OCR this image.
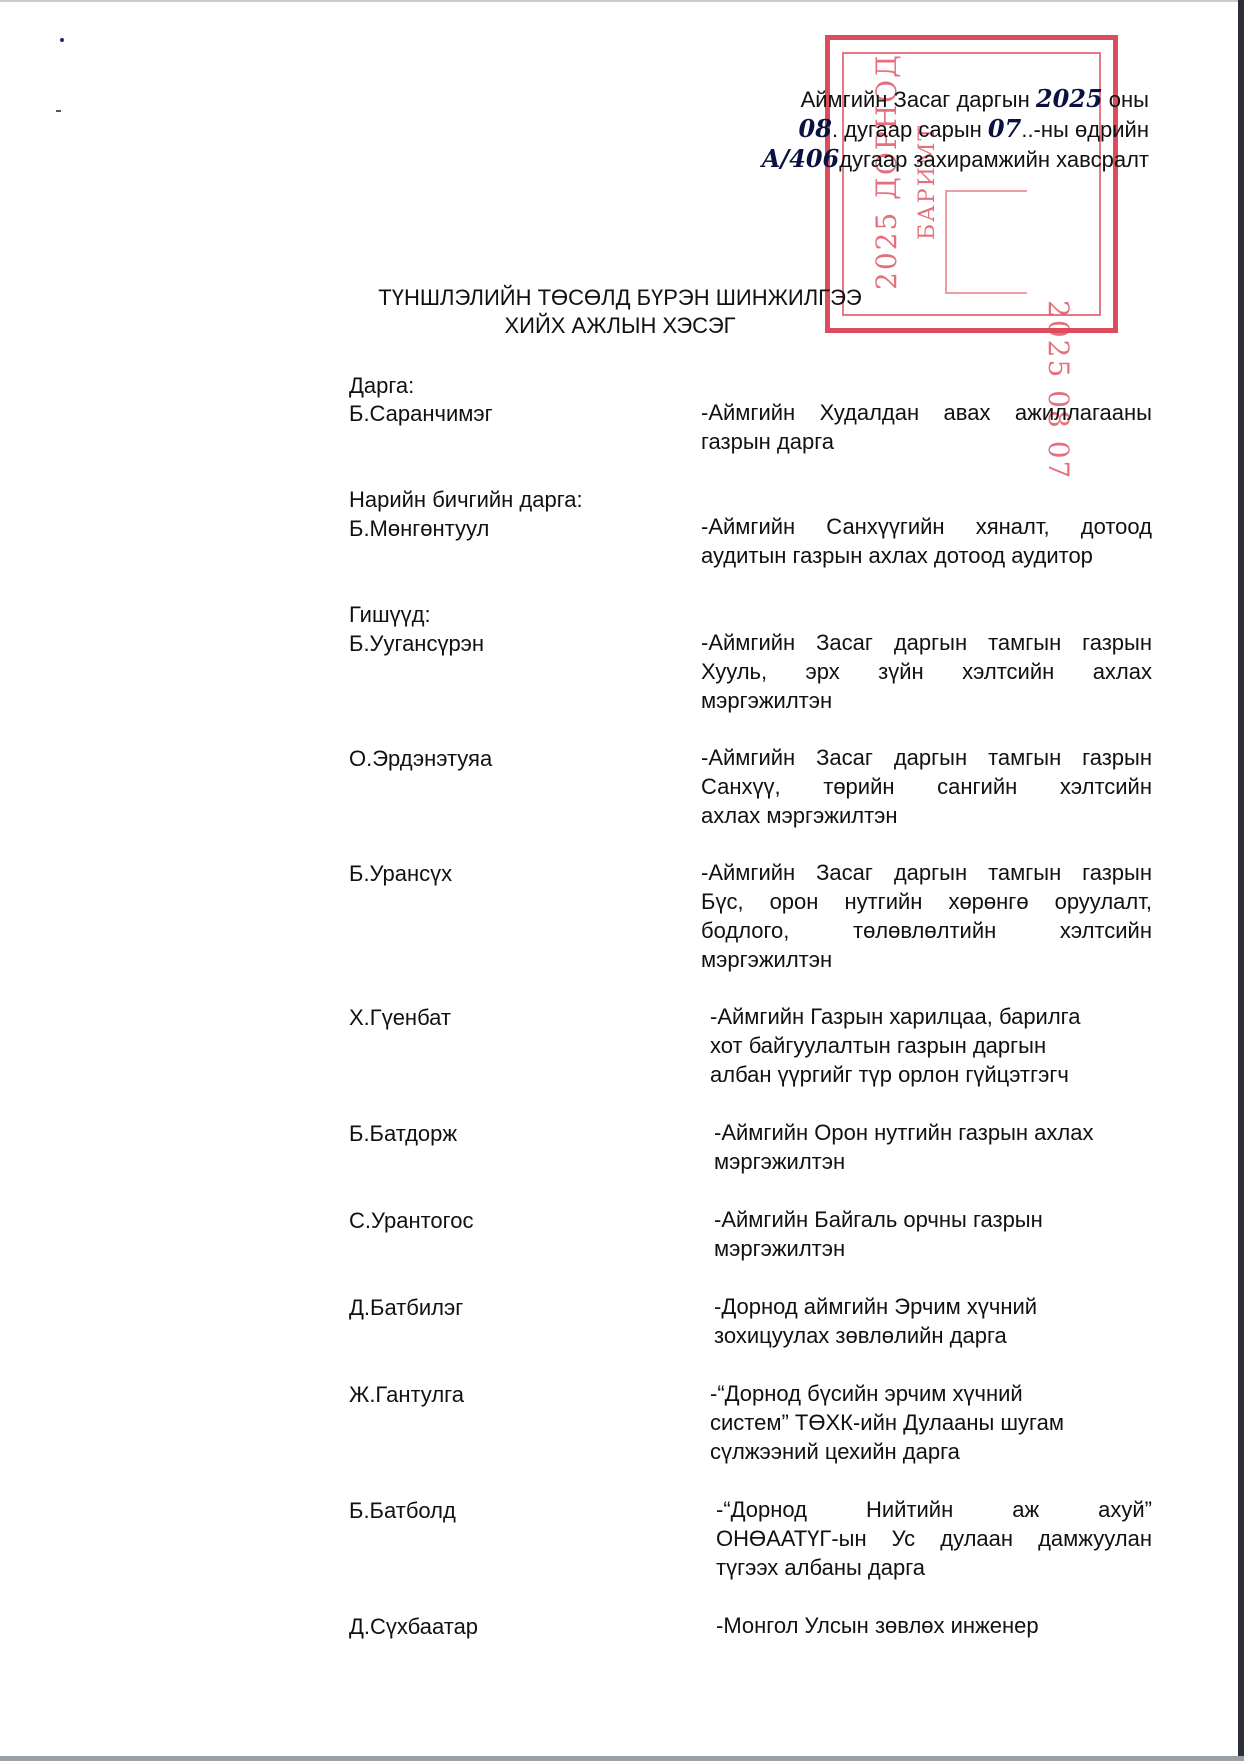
2025 ДОРНОД
2025 08 07
БАРИМТ
Аймгийн Засаг даргын 2025 оны
08. дугаар сарын 07..-ны өдрийн
A/406дугаар захирамжийн хавсралт
ТҮНШЛЭЛИЙН ТӨСӨЛД БҮРЭН ШИНЖИЛГЭЭ
ХИЙХ АЖЛЫН ХЭСЭГ
Дарга:
Нарийн бичгийн дарга:
Гишүүд:
Б.Саранчимэг	-Аймгийн Худалдан авах ажиллагааны
газрын дарга
Б.Мөнгөнтуул	-Аймгийн Санхүүгийн хяналт, дотоод
аудитын газрын ахлах дотоод аудитор
Б.Ууганcүрэн	-Аймгийн Засаг даргын тамгын газрын
Хууль, эрх зүйн хэлтсийн ахлах
мэргэжилтэн
О.Эрдэнэтуяа	-Аймгийн Засаг даргын тамгын газрын
Санхүү, төрийн сангийн хэлтсийн
ахлах мэргэжилтэн
Б.Урансүх	-Аймгийн Засаг даргын тамгын газрын
Бүс, орон нутгийн хөрөнгө оруулалт,
бодлого, төлөвлөлтийн хэлтсийн
мэргэжилтэн
Х.Гүенбат	-Аймгийн Газрын харилцаа, барилга
хот байгуулалтын газрын даргын
албан үүргийг түр орлон гүйцэтгэгч
Б.Батдорж	-Аймгийн Орон нутгийн газрын ахлах
мэргэжилтэн
С.Урантогос	-Аймгийн Байгаль орчны газрын
мэргэжилтэн
Д.Батбилэг	-Дорнод аймгийн Эрчим хүчний
зохицуулах зөвлөлийн дарга
Ж.Гантулга	-“Дорнод бүсийн эрчим хүчний
систем” ТӨХК-ийн Дулааны шугам
сүлжээний цехийн дарга
Б.Батболд	-“Дорнод Нийтийн аж ахуй”
ОНӨААТҮГ-ын Ус дулаан дамжуулан
түгээх албаны дарга
Д.Сүхбаатар	-Монгол Улсын зөвлөх инженер
